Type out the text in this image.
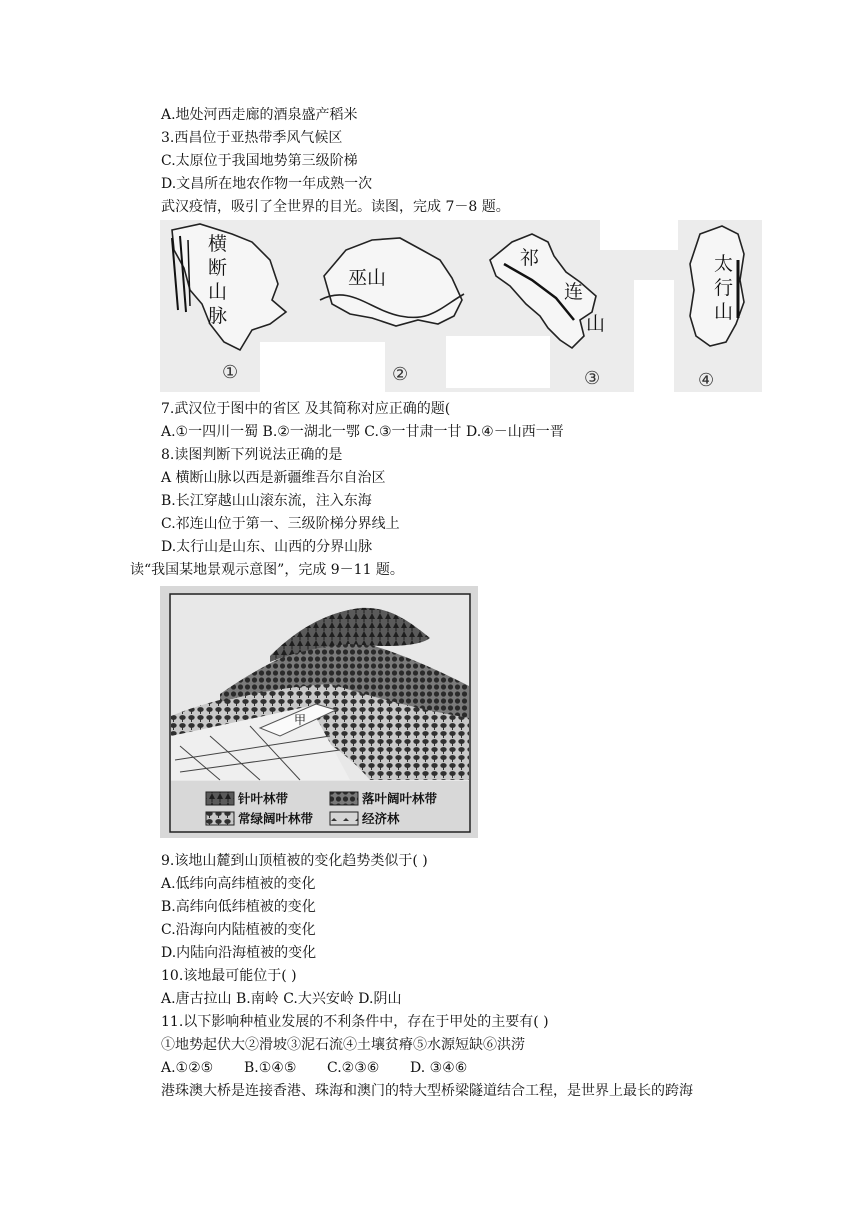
A.地处河西走廊的酒泉盛产稻米
3.西昌位于亚热带季风气候区
C.太原位于我国地势第三级阶梯
D.文昌所在地农作物一年成熟一次
武汉疫情，吸引了全世界的目光。读图，完成 7－8 题。
横
断
山
脉
巫山
祁
连
山
太
行
山
①	②	③	④
7.武汉位于图中的省区 及其简称对应正确的题(
A.①一四川一蜀 B.②一湖北一鄂 C.③一甘肃一甘 D.④－山西一晋
8.读图判断下列说法正确的是
A 横断山脉以西是新疆维吾尔自治区
B.长江穿越山山滚东流，注入东海
C.祁连山位于第一、三级阶梯分界线上
D.太行山是山东、山西的分界山脉
读“我国某地景观示意图”，完成 9－11 题。
甲
针叶林带	落叶阔叶林带
常绿阔叶林带	经济林
9.该地山麓到山顶植被的变化趋势类似于( )
A.低纬向高纬植被的变化
B.高纬向低纬植被的变化
C.沿海向内陆植被的变化
D.内陆向沿海植被的变化
10.该地最可能位于( )
A.唐古拉山 B.南岭 C.大兴安岭 D.阴山
11.以下影响种植业发展的不利条件中，存在于甲处的主要有( )
①地势起伏大②滑坡③泥石流④土壤贫瘠⑤水源短缺⑥洪涝
A.①②⑤ B.①④⑤ C.②③⑥ D. ③④⑥
港珠澳大桥是连接香港、珠海和澳门的特大型桥梁隧道结合工程，是世界上最长的跨海
